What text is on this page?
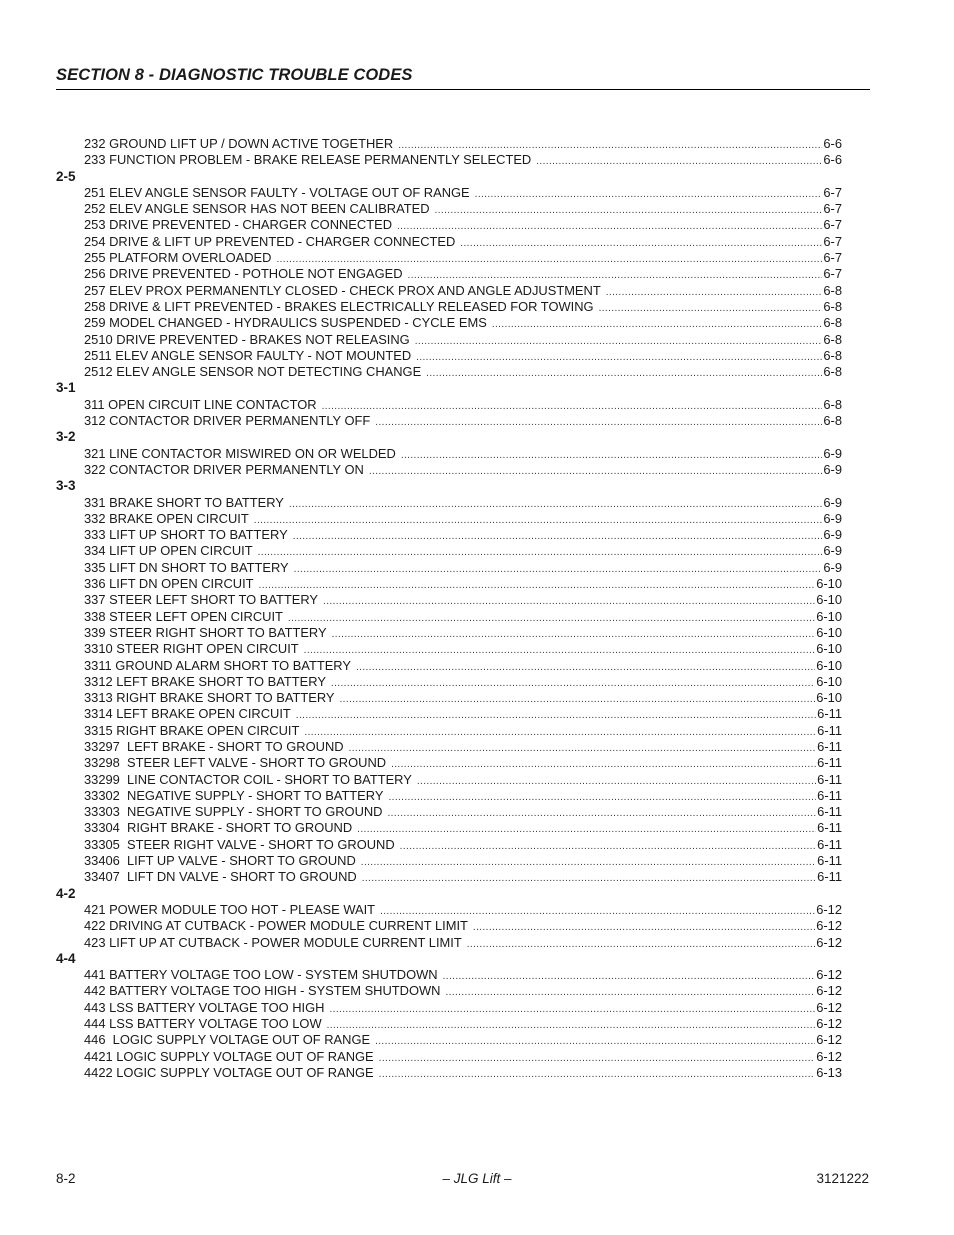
SECTION 8 - DIAGNOSTIC TROUBLE CODES
232 GROUND LIFT UP / DOWN ACTIVE TOGETHER .....	6-6
233 FUNCTION PROBLEM - BRAKE RELEASE PERMANENTLY SELECTED .....	6-6
2-5
251 ELEV ANGLE SENSOR FAULTY - VOLTAGE OUT OF RANGE .....	6-7
252 ELEV ANGLE SENSOR HAS NOT BEEN CALIBRATED .....	6-7
253 DRIVE PREVENTED - CHARGER CONNECTED .....	6-7
254 DRIVE & LIFT UP PREVENTED - CHARGER CONNECTED .....	6-7
255 PLATFORM OVERLOADED .....	6-7
256 DRIVE PREVENTED - POTHOLE NOT ENGAGED .....	6-7
257 ELEV PROX PERMANENTLY CLOSED - CHECK PROX AND ANGLE ADJUSTMENT .....	6-8
258 DRIVE & LIFT PREVENTED - BRAKES ELECTRICALLY RELEASED FOR TOWING .....	6-8
259 MODEL CHANGED - HYDRAULICS SUSPENDED - CYCLE EMS .....	6-8
2510 DRIVE PREVENTED - BRAKES NOT RELEASING .....	6-8
2511 ELEV ANGLE SENSOR FAULTY - NOT MOUNTED .....	6-8
2512 ELEV ANGLE SENSOR NOT DETECTING CHANGE .....	6-8
3-1
311 OPEN CIRCUIT LINE CONTACTOR .....	6-8
312 CONTACTOR DRIVER PERMANENTLY OFF .....	6-8
3-2
321 LINE CONTACTOR MISWIRED ON OR WELDED .....	6-9
322 CONTACTOR DRIVER PERMANENTLY ON .....	6-9
3-3
331 BRAKE SHORT TO BATTERY .....	6-9
332 BRAKE OPEN CIRCUIT .....	6-9
333 LIFT UP SHORT TO BATTERY .....	6-9
334 LIFT UP OPEN CIRCUIT .....	6-9
335 LIFT DN SHORT TO BATTERY .....	6-9
336 LIFT DN OPEN CIRCUIT .....	6-10
337 STEER LEFT SHORT TO BATTERY .....	6-10
338 STEER LEFT OPEN CIRCUIT .....	6-10
339 STEER RIGHT SHORT TO BATTERY .....	6-10
3310 STEER RIGHT OPEN CIRCUIT .....	6-10
3311 GROUND ALARM SHORT TO BATTERY .....	6-10
3312 LEFT BRAKE SHORT TO BATTERY .....	6-10
3313 RIGHT BRAKE SHORT TO BATTERY .....	6-10
3314 LEFT BRAKE OPEN CIRCUIT .....	6-11
3315 RIGHT BRAKE OPEN CIRCUIT .....	6-11
33297  LEFT BRAKE - SHORT TO GROUND .....	6-11
33298  STEER LEFT VALVE - SHORT TO GROUND .....	6-11
33299  LINE CONTACTOR COIL - SHORT TO BATTERY .....	6-11
33302  NEGATIVE SUPPLY - SHORT TO BATTERY .....	6-11
33303  NEGATIVE SUPPLY - SHORT TO GROUND .....	6-11
33304  RIGHT BRAKE - SHORT TO GROUND .....	6-11
33305  STEER RIGHT VALVE - SHORT TO GROUND .....	6-11
33406  LIFT UP VALVE - SHORT TO GROUND .....	6-11
33407  LIFT DN VALVE - SHORT TO GROUND .....	6-11
4-2
421 POWER MODULE TOO HOT - PLEASE WAIT .....	6-12
422 DRIVING AT CUTBACK - POWER MODULE CURRENT LIMIT .....	6-12
423 LIFT UP AT CUTBACK - POWER MODULE CURRENT LIMIT .....	6-12
4-4
441 BATTERY VOLTAGE TOO LOW - SYSTEM SHUTDOWN .....	6-12
442 BATTERY VOLTAGE TOO HIGH - SYSTEM SHUTDOWN .....	6-12
443 LSS BATTERY VOLTAGE TOO HIGH .....	6-12
444 LSS BATTERY VOLTAGE TOO LOW .....	6-12
446  LOGIC SUPPLY VOLTAGE OUT OF RANGE .....	6-12
4421 LOGIC SUPPLY VOLTAGE OUT OF RANGE .....	6-12
4422 LOGIC SUPPLY VOLTAGE OUT OF RANGE .....	6-13
8-2	– JLG Lift –	3121222
